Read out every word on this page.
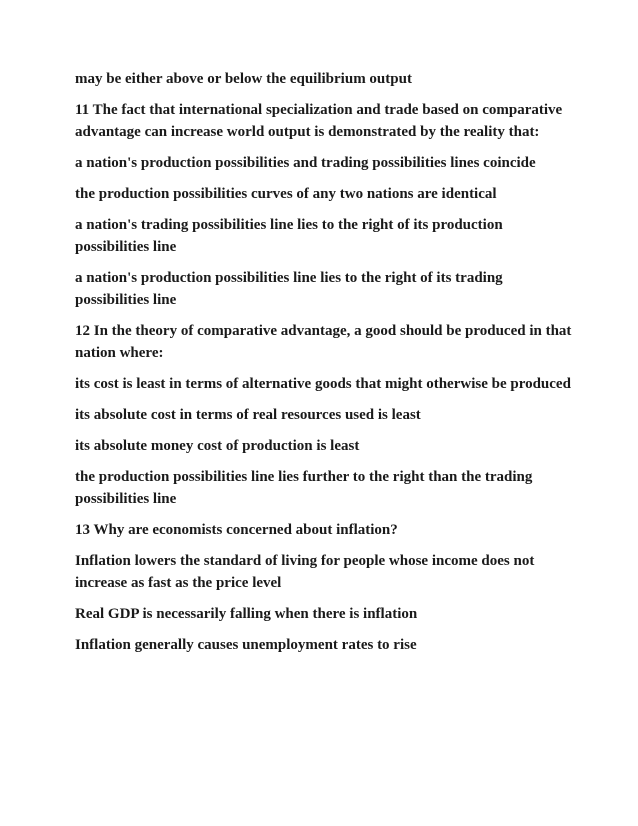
may be either above or below the equilibrium output

11 The fact that international specialization and trade based on comparative advantage can increase world output is demonstrated by the reality that:

a nation's production possibilities and trading possibilities lines coincide

the production possibilities curves of any two nations are identical

a nation's trading possibilities line lies to the right of its production possibilities line

a nation's production possibilities line lies to the right of its trading possibilities line

12 In the theory of comparative advantage, a good should be produced in that nation where:

its cost is least in terms of alternative goods that might otherwise be produced

its absolute cost in terms of real resources used is least

its absolute money cost of production is least

the production possibilities line lies further to the right than the trading possibilities line

13 Why are economists concerned about inflation?

Inflation lowers the standard of living for people whose income does not increase as fast as the price level

Real GDP is necessarily falling when there is inflation

Inflation generally causes unemployment rates to rise
